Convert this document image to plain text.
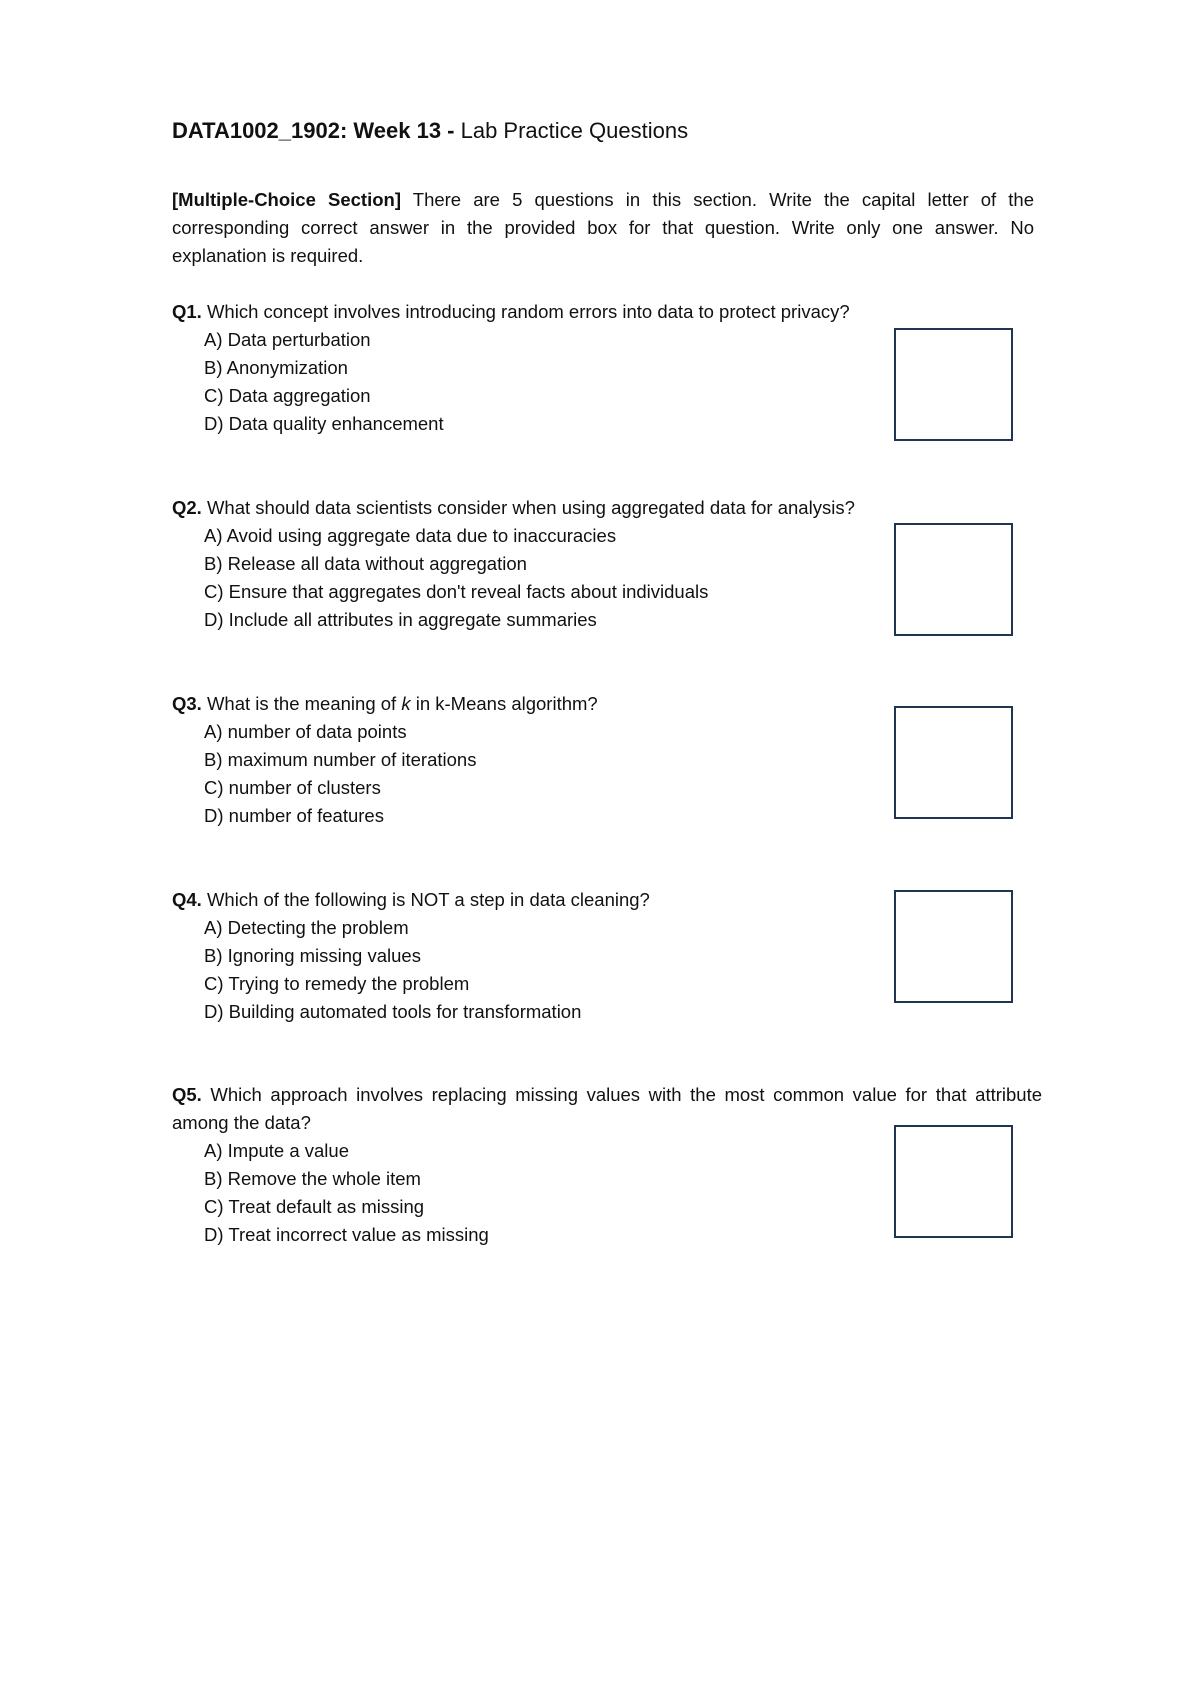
DATA1002_1902: Week 13 - Lab Practice Questions
[Multiple-Choice Section] There are 5 questions in this section. Write the capital letter of the corresponding correct answer in the provided box for that question. Write only one answer. No explanation is required.
Q1. Which concept involves introducing random errors into data to protect privacy?
A) Data perturbation
B) Anonymization
C) Data aggregation
D) Data quality enhancement
Q2. What should data scientists consider when using aggregated data for analysis?
A) Avoid using aggregate data due to inaccuracies
B) Release all data without aggregation
C) Ensure that aggregates don't reveal facts about individuals
D) Include all attributes in aggregate summaries
Q3. What is the meaning of k in k-Means algorithm?
A) number of data points
B) maximum number of iterations
C) number of clusters
D) number of features
Q4. Which of the following is NOT a step in data cleaning?
A) Detecting the problem
B) Ignoring missing values
C) Trying to remedy the problem
D) Building automated tools for transformation
Q5. Which approach involves replacing missing values with the most common value for that attribute among the data?
A) Impute a value
B) Remove the whole item
C) Treat default as missing
D) Treat incorrect value as missing
